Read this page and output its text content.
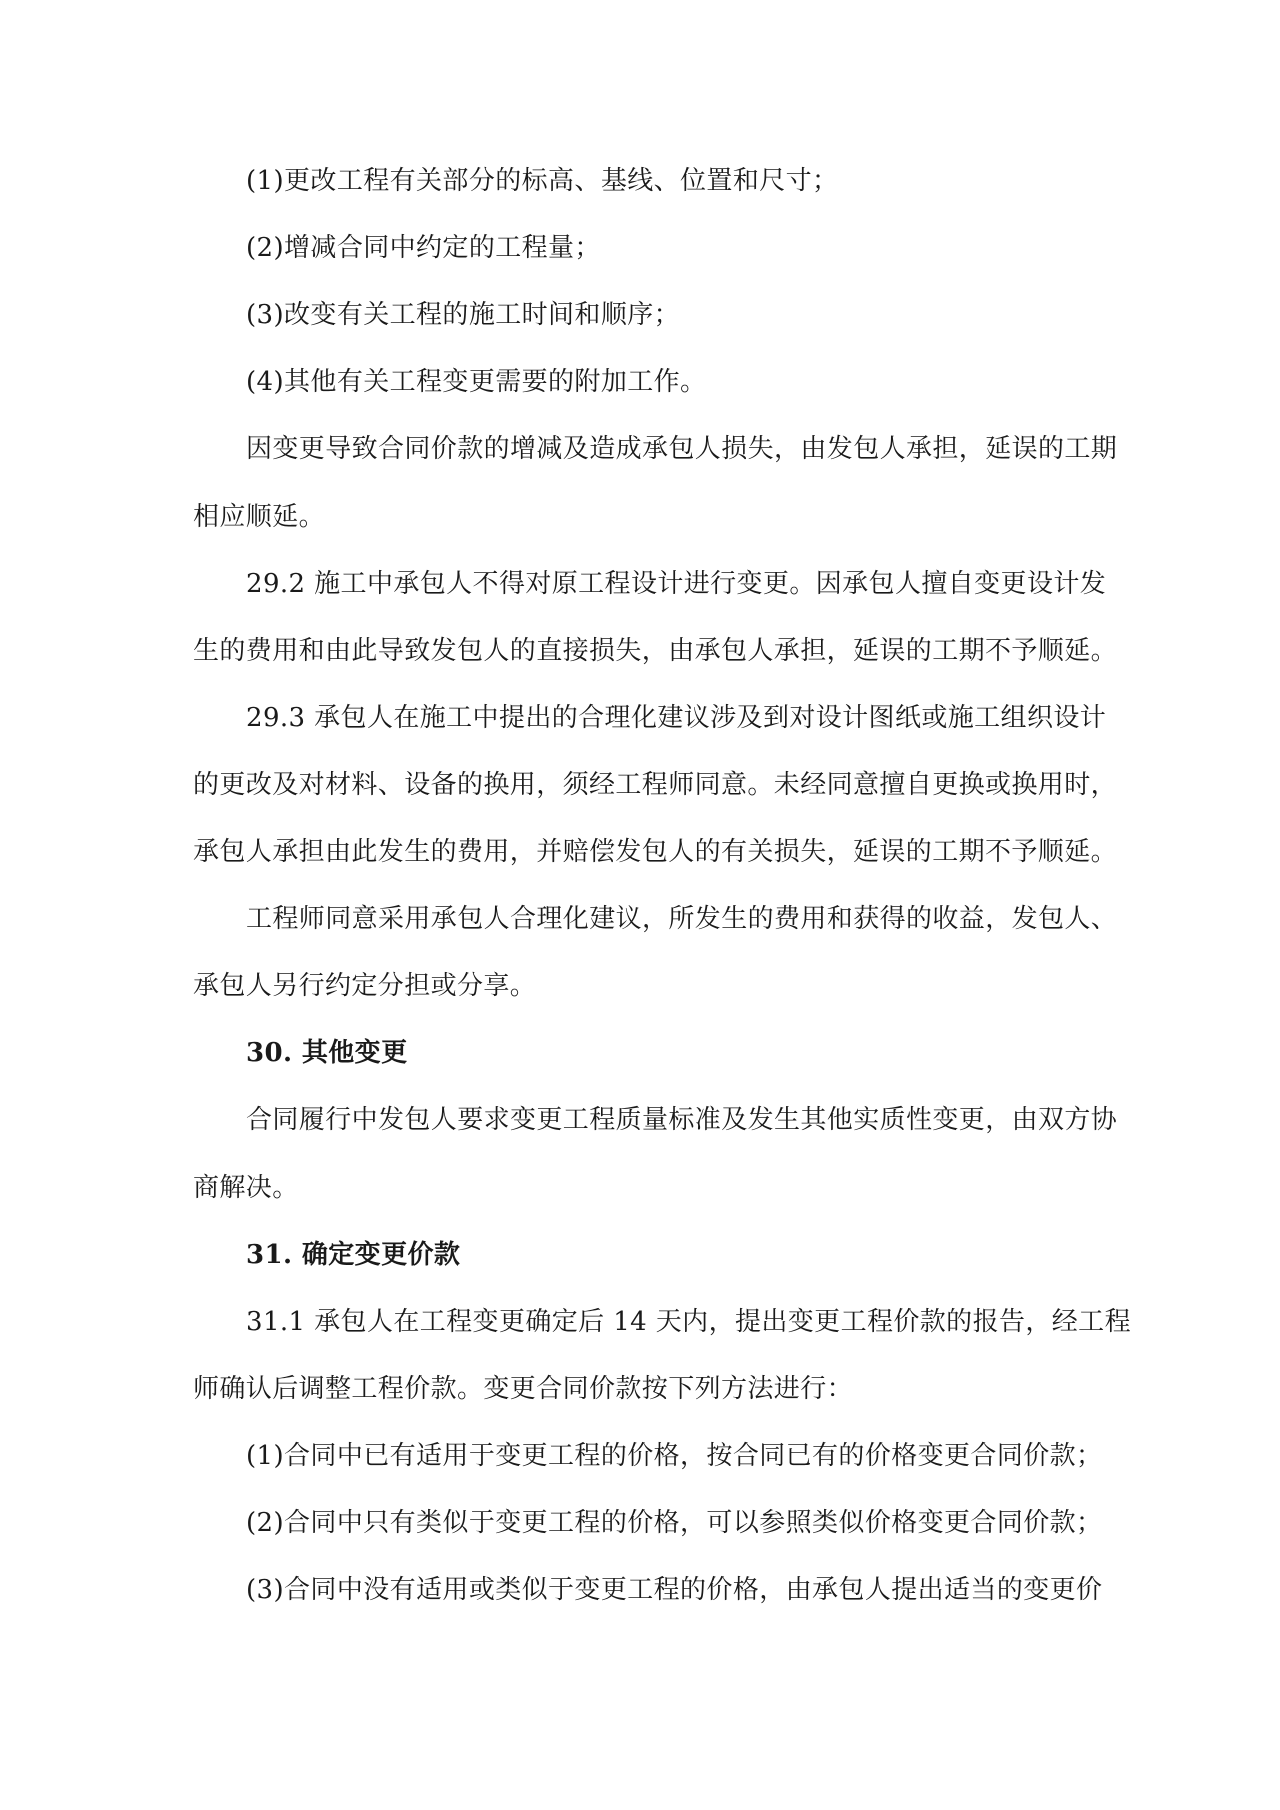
(1)更改工程有关部分的标高、基线、位置和尺寸；
(2)增减合同中约定的工程量；
(3)改变有关工程的施工时间和顺序；
(4)其他有关工程变更需要的附加工作。
因变更导致合同价款的增减及造成承包人损失，由发包人承担，延误的工期
相应顺延。
29.2 施工中承包人不得对原工程设计进行变更。因承包人擅自变更设计发
生的费用和由此导致发包人的直接损失，由承包人承担，延误的工期不予顺延。
29.3 承包人在施工中提出的合理化建议涉及到对设计图纸或施工组织设计
的更改及对材料、设备的换用，须经工程师同意。未经同意擅自更换或换用时，
承包人承担由此发生的费用，并赔偿发包人的有关损失，延误的工期不予顺延。
工程师同意采用承包人合理化建议，所发生的费用和获得的收益，发包人、
承包人另行约定分担或分享。
30. 其他变更
合同履行中发包人要求变更工程质量标准及发生其他实质性变更，由双方协
商解决。
31. 确定变更价款
31.1 承包人在工程变更确定后 14 天内，提出变更工程价款的报告，经工程
师确认后调整工程价款。变更合同价款按下列方法进行：
(1)合同中已有适用于变更工程的价格，按合同已有的价格变更合同价款；
(2)合同中只有类似于变更工程的价格，可以参照类似价格变更合同价款；
(3)合同中没有适用或类似于变更工程的价格，由承包人提出适当的变更价
